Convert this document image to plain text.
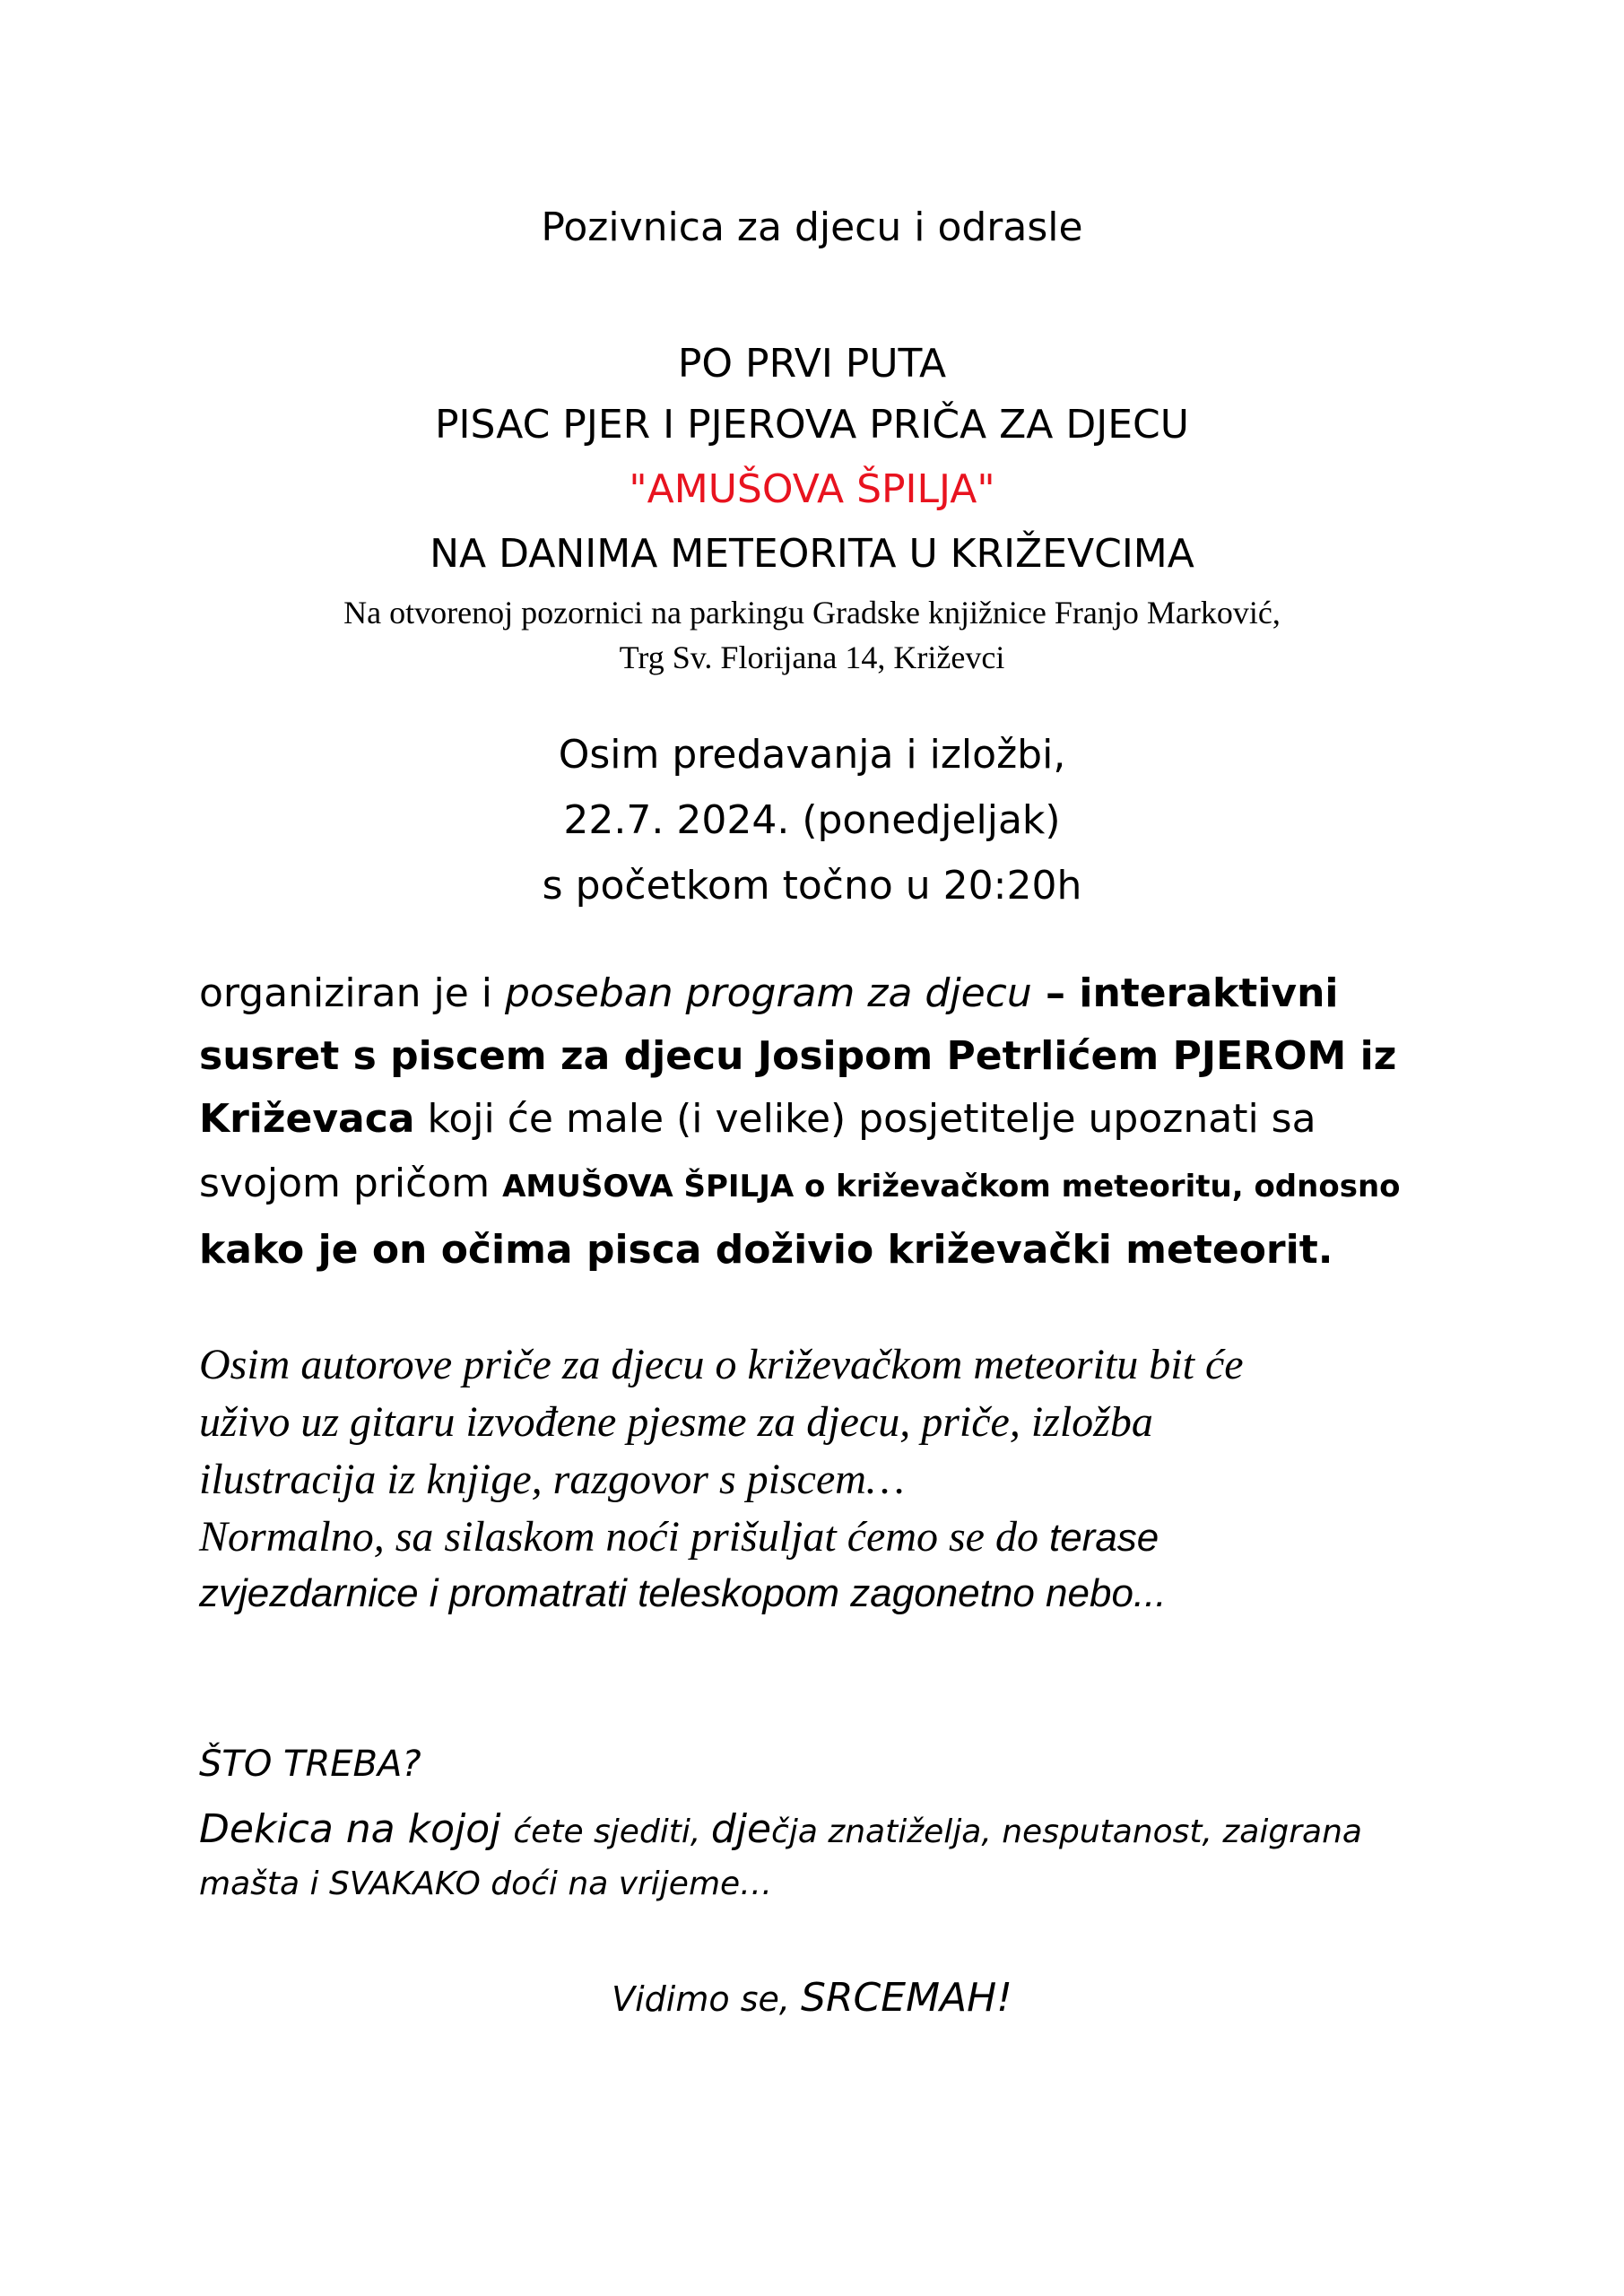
Pozivnica za djecu i odrasle

PO PRVI PUTA

PISAC PJER I PJEROVA PRIČA ZA DJECU

"AMUŠOVA ŠPILJA"

NA DANIMA METEORITA U KRIŽEVCIMA

Na otvorenoj pozornici na parkingu Gradske knjižnice Franjo Marković,

Trg Sv. Florijana 14, Križevci

Osim predavanja i izložbi,

22.7. 2024. (ponedjeljak)

s početkom točno u 20:20h

organiziran je i poseban program za djecu – interaktivni

susret s piscem za djecu Josipom Petrlićem PJEROM iz

Križevaca koji će male (i velike) posjetitelje upoznati sa

svojom pričom AMUŠOVA ŠPILJA o križevačkom meteoritu, odnosno

kako je on očima pisca doživio križevački meteorit.

Osim autorove priče za djecu o križevačkom meteoritu bit će

uživo uz gitaru izvođene pjesme za djecu, priče, izložba

ilustracija iz knjige, razgovor s piscem…

Normalno, sa silaskom noći prišuljat ćemo se do terase

zvjezdarnice i promatrati teleskopom zagonetno nebo...

ŠTO TREBA?

Dekica na kojoj ćete sjediti, dječja znatiželja, nesputanost, zaigrana

mašta i SVAKAKO doći na vrijeme…

Vidimo se, SRCEMAH!
